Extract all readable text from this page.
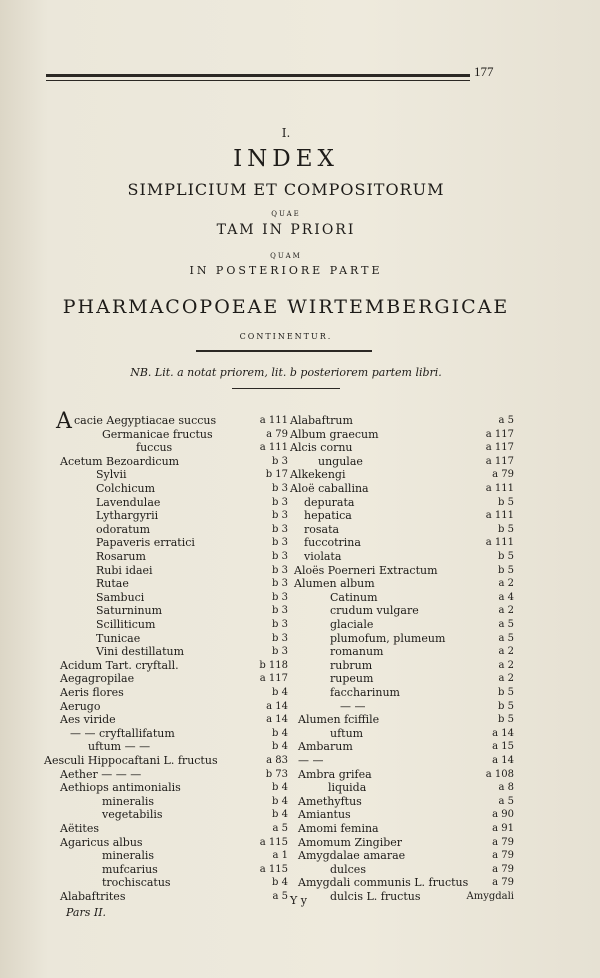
177
I.
INDEX
SIMPLICIUM ET COMPOSITORUM
QUAE
TAM IN PRIORI
QUAM
IN POSTERIORE PARTE
PHARMACOPOEAE WIRTEMBERGICAE
CONTINENTUR.
NB. Lit. a notat priorem, lit. b posteriorem partem libri.
cacie Aegyptiacae succus	a 111
Germanicae fructus	a 79
fuccus	a 111
Acetum Bezoardicum	b 3
Sylvii	b 17
Colchicum	b 3
Lavendulae	b 3
Lythargyrii	b 3
odoratum	b 3
Papaveris erratici	b 3
Rosarum	b 3
Rubi idaei	b 3
Rutae	b 3
Sambuci	b 3
Saturninum	b 3
Scilliticum	b 3
Tunicae	b 3
Vini destillatum	b 3
Acidum Tart. cryftall.	b 118
Aegagropilae	a 117
Aeris flores	b 4
Aerugo	a 14
Aes viride	a 14
— — cryftallifatum	b 4
uftum — —	b 4
Aesculi Hippocaftani L. fructus	a 83
Aether — — —	b 73
Aethiops antimonialis	b 4
mineralis	b 4
vegetabilis	b 4
Aëtites	a 5
Agaricus albus	a 115
mineralis	a 1
mufcarius	a 115
trochiscatus	b 4
Alabaftrites	a 5
Alabaftrum	a 5
Album graecum	a 117
Alcis cornu	a 117
ungulae	a 117
Alkekengi	a 79
Aloë caballina	a 111
depurata	b 5
hepatica	a 111
rosata	b 5
fuccotrina	a 111
violata	b 5
Aloës Poerneri Extractum	b 5
Alumen album	a 2
Catinum	a 4
crudum vulgare	a 2
glaciale	a 5
plumofum, plumeum	a 5
romanum	a 2
rubrum	a 2
rupeum	a 2
faccharinum	b 5
— —	b 5
Alumen fciffile	b 5
uftum	a 14
Ambarum	a 15
— —	a 14
Ambra grifea	a 108
liquida	a 8
Amethyftus	a 5
Amiantus	a 90
Amomi femina	a 91
Amomum Zingiber	a 79
Amygdalae amarae	a 79
dulces	a 79
Amygdali communis L. fructus	a 79
dulcis L. fructus	Amygdali
A
Pars II.
Y y
